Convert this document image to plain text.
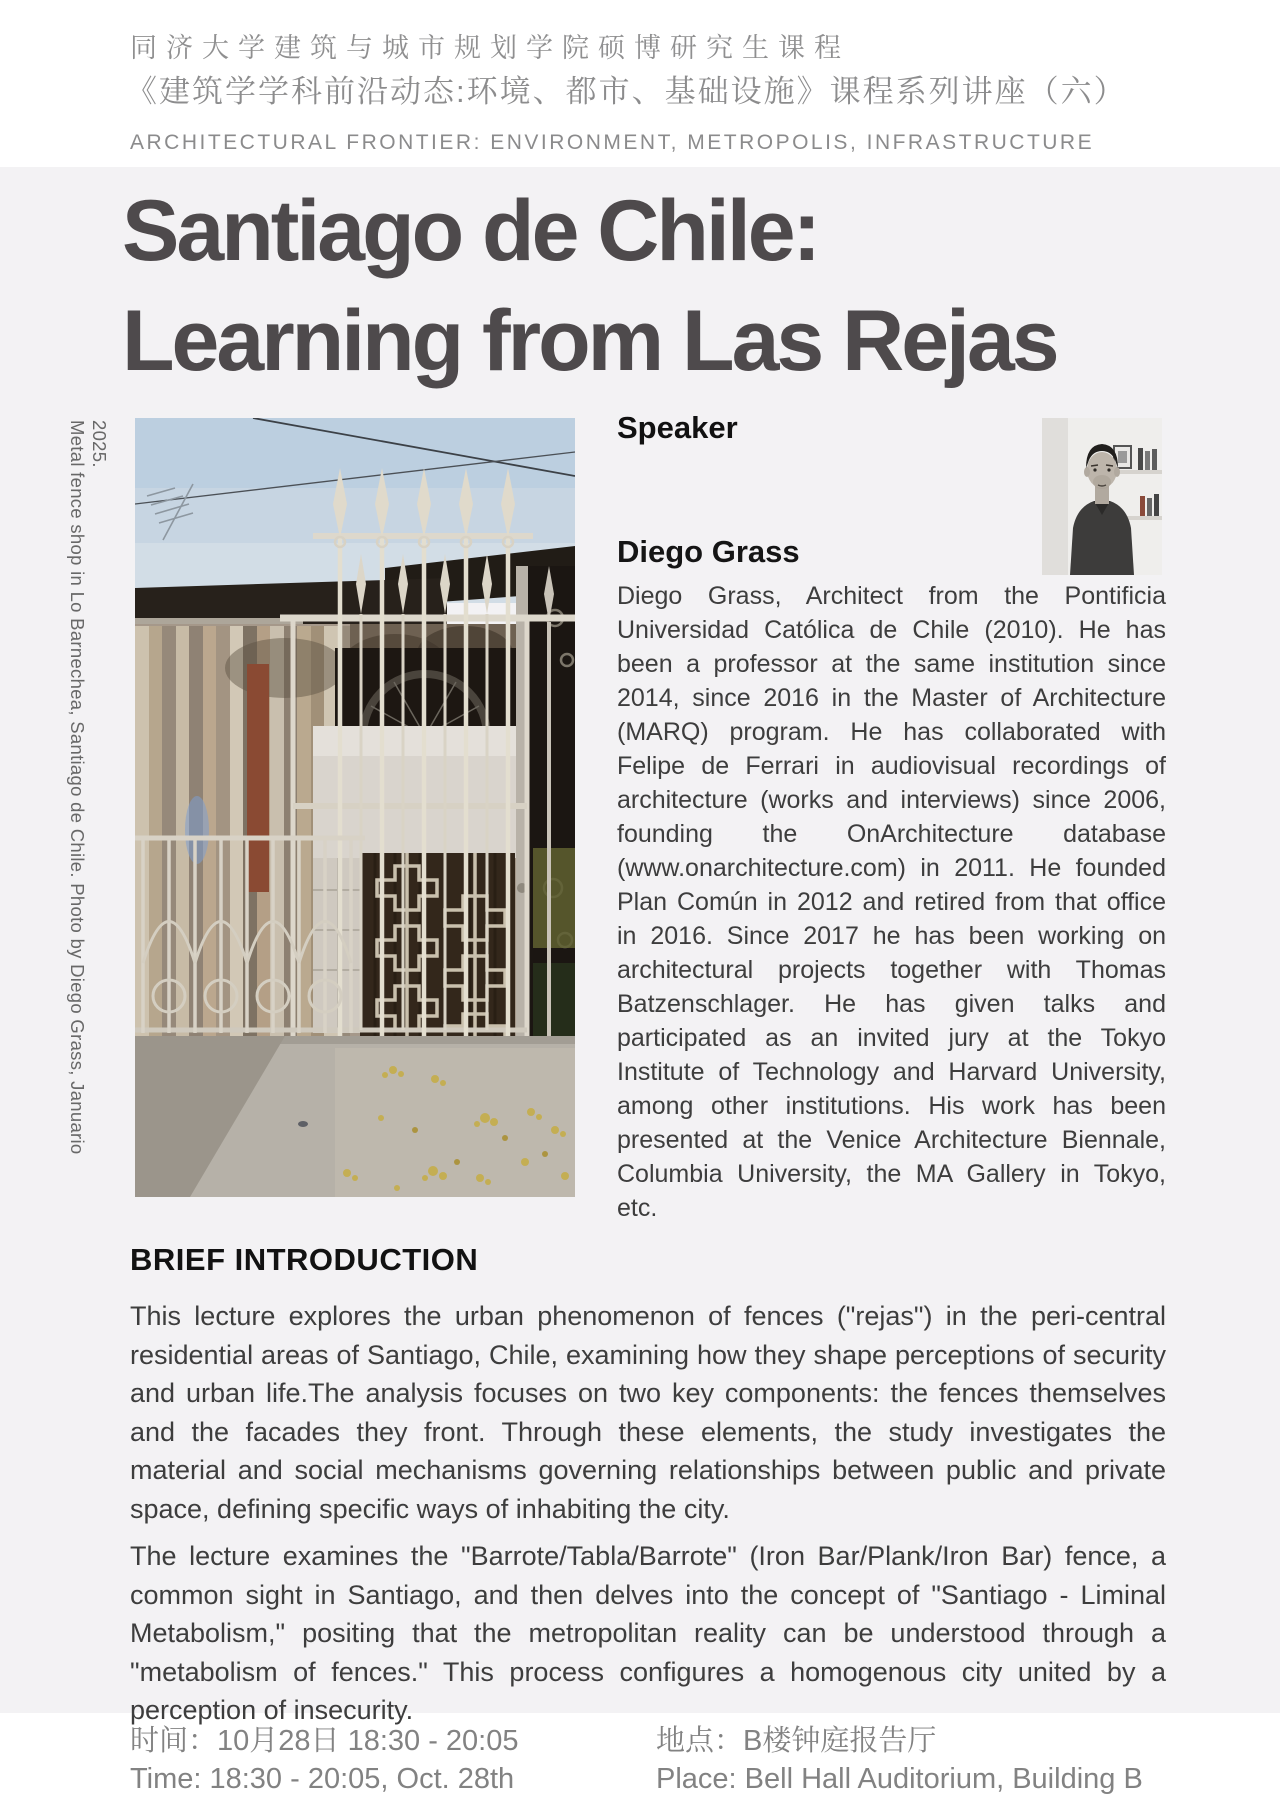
同济大学建筑与城市规划学院硕博研究生课程
《建筑学学科前沿动态:环境、都市、基础设施》课程系列讲座（六）
ARCHITECTURAL FRONTIER: ENVIRONMENT, METROPOLIS, INFRASTRUCTURE
Santiago de Chile:
Learning from Las Rejas
Metal fence shop in Lo Barnechea, Santiago de Chile. Photo by Diego Grass, Januario 2025.	Speaker
Diego Grass

Diego Grass, Architect from the Pontificia Universidad Católica de Chile (2010). He has been a professor at the same institution since 2014, since 2016 in the Master of Architecture (MARQ) program. He has collaborated with Felipe de Ferrari in audiovisual recordings of architecture (works and interviews) since 2006, founding the OnArchitecture database (www.onarchitecture.com) in 2011. He founded Plan Común in 2012 and retired from that office in 2016. Since 2017 he has been working on architectural projects together with Thomas Batzenschlager. He has given talks and participated as an invited jury at the Tokyo Institute of Technology and Harvard University, among other institutions. His work has been presented at the Venice Architecture Biennale, Columbia University, the MA Gallery in Tokyo, etc.

BRIEF INTRODUCTION

This lecture explores the urban phenomenon of fences ("rejas") in the peri-central residential areas of Santiago, Chile, examining how they shape perceptions of security and urban life.The analysis focuses on two key components: the fences themselves and the facades they front. Through these elements, the study investigates the material and social mechanisms governing relationships between public and private space, defining specific ways of inhabiting the city.

The lecture examines the "Barrote/Tabla/Barrote" (Iron Bar/Plank/Iron Bar) fence, a common sight in Santiago, and then delves into the concept of "Santiago - Liminal Metabolism," positing that the metropolitan reality can be understood through a "metabolism of fences." This process configures a homogenous city united by a perception of insecurity.

时间：10月28日 18:30 - 20:05
Time: 18:30 - 20:05, Oct. 28th
地点：B楼钟庭报告厅
Place: Bell Hall Auditorium, Building B
